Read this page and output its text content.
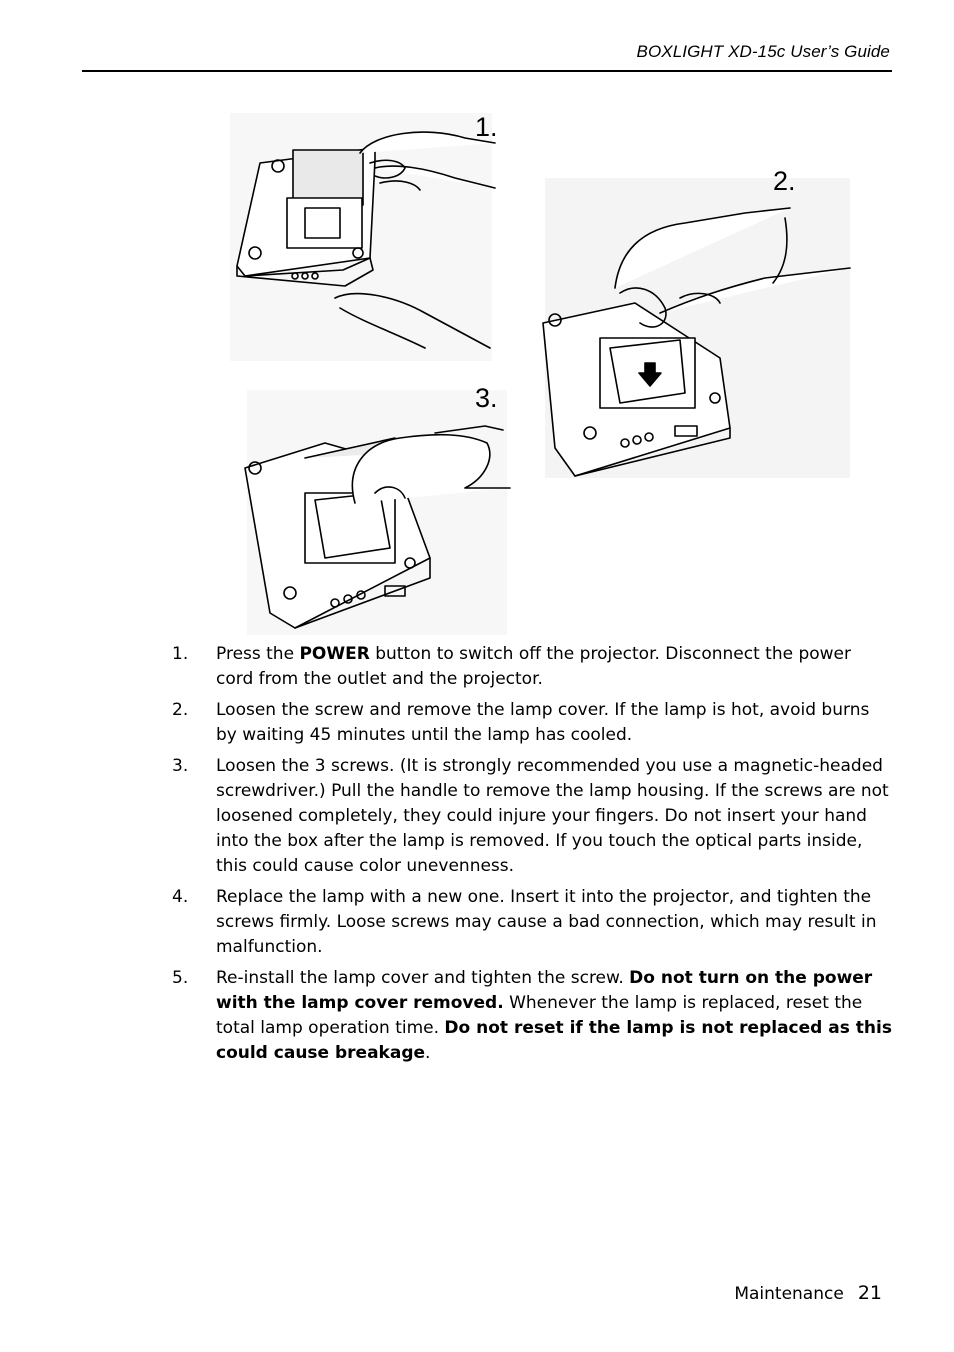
BOXLIGHT XD-15c User’s Guide
1.
2.
3.
1.	Press the POWER button to switch off the projector. Disconnect the power cord from the outlet and the projector.
2.	Loosen the screw and remove the lamp cover. If the lamp is hot, avoid burns by waiting 45 minutes until the lamp has cooled.
3.	Loosen the 3 screws. (It is strongly recommended you use a magnetic-headed screwdriver.) Pull the handle to remove the lamp housing. If the screws are not loosened completely, they could injure your fingers. Do not insert your hand into the box after the lamp is removed. If you touch the optical parts inside, this could cause color unevenness.
4.	Replace the lamp with a new one. Insert it into the projector, and tighten the screws firmly. Loose screws may cause a bad connection, which may result in malfunction.
5.	Re-install the lamp cover and tighten the screw. Do not turn on the power with the lamp cover removed. Whenever the lamp is replaced, reset the total lamp operation time. Do not reset if the lamp is not replaced as this could cause breakage.
Maintenance 21
